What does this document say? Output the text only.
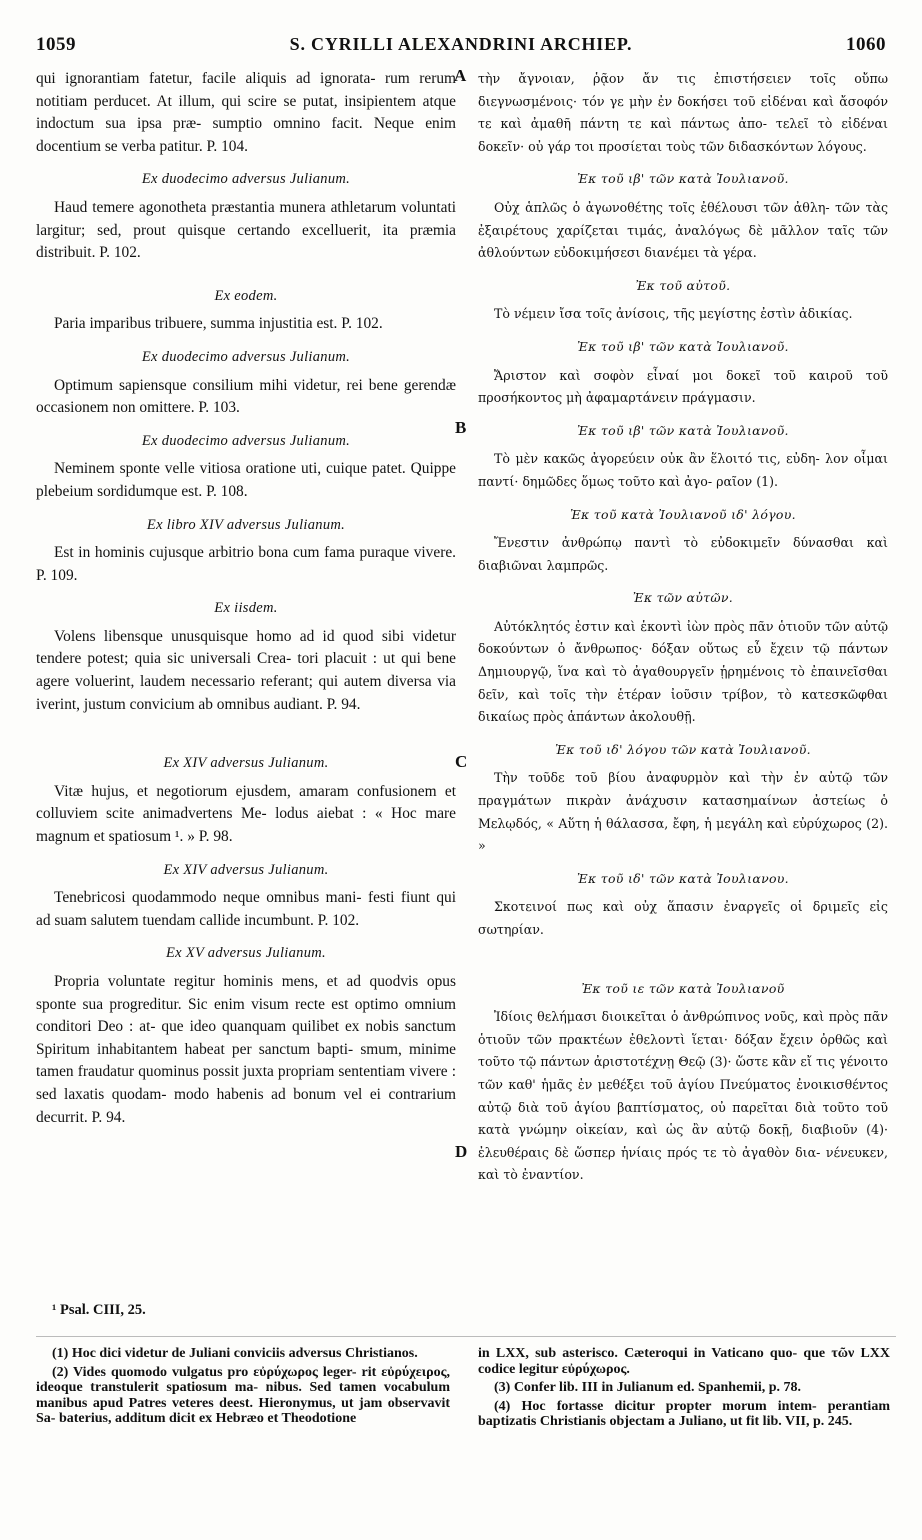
1059	S. CYRILLI ALEXANDRINI ARCHIEP.	1060
A
B
C
D

qui ignorantiam fatetur, facile aliquis ad ignorata- rum rerum notitiam perducet. At illum, qui scire se putat, insipientem atque indoctum sua ipsa præ- sumptio omnino facit. Neque enim docentium se verba patitur. P. 104.

Ex duodecimo adversus Julianum.

Haud temere agonotheta præstantia munera athletarum voluntati largitur; sed, prout quisque certando excelluerit, ita præmia distribuit. P. 102.

Ex eodem.

Paria imparibus tribuere, summa injustitia est. P. 102.

Ex duodecimo adversus Julianum.

Optimum sapiensque consilium mihi videtur, rei bene gerendæ occasionem non omittere. P. 103.

Ex duodecimo adversus Julianum.

Neminem sponte velle vitiosa oratione uti, cuique patet. Quippe plebeium sordidumque est. P. 108.

Ex libro XIV adversus Julianum.

Est in hominis cujusque arbitrio bona cum fama puraque vivere. P. 109.

Ex iisdem.

Volens libensque unusquisque homo ad id quod sibi videtur tendere potest; quia sic universali Crea- tori placuit : ut qui bene agere voluerint, laudem necessario referant; qui autem diversa via iverint, justum convicium ab omnibus audiant. P. 94.

Ex XIV adversus Julianum.

Vitæ hujus, et negotiorum ejusdem, amaram confusionem et colluviem scite animadvertens Me- lodus aiebat : « Hoc mare magnum et spatiosum ¹. » P. 98.

Ex XIV adversus Julianum.

Tenebricosi quodammodo neque omnibus mani- festi fiunt qui ad suam salutem tuendam callide incumbunt. P. 102.

Ex XV adversus Julianum.

Propria voluntate regitur hominis mens, et ad quodvis opus sponte sua progreditur. Sic enim visum recte est optimo omnium conditori Deo : at- que ideo quanquam quilibet ex nobis sanctum Spiritum inhabitantem habeat per sanctum bapti- smum, minime tamen fraudatur quominus possit juxta propriam sententiam vivere : sed laxatis quodam- modo habenis ad bonum vel ei contrarium decurrit. P. 94.

τὴν ἄγνοιαν, ῥᾷον ἄν τις ἐπιστήσειεν τοῖς οὔπω διεγνωσμένοις· τόν γε μὴν ἐν δοκήσει τοῦ εἰδέναι καὶ ἄσοφόν τε καὶ ἀμαθῆ πάντη τε καὶ πάντως ἀπο- τελεῖ τὸ εἰδέναι δοκεῖν· οὐ γάρ τοι προσίεται τοὺς τῶν διδασκόντων λόγους.

Ἐκ τοῦ ιβ' τῶν κατὰ Ἰουλιανοῦ.

Οὐχ ἁπλῶς ὁ ἀγωνοθέτης τοῖς ἐθέλουσι τῶν ἀθλη- τῶν τὰς ἐξαιρέτους χαρίζεται τιμάς, ἀναλόγως δὲ μᾶλλον ταῖς τῶν ἀθλούντων εὐδοκιμήσεσι διανέμει τὰ γέρα.

Ἐκ τοῦ αὐτοῦ.

Τὸ νέμειν ἴσα τοῖς ἀνίσοις, τῆς μεγίστης ἐστὶν ἀδικίας.

Ἐκ τοῦ ιβ' τῶν κατὰ Ἰουλιανοῦ.

Ἄριστον καὶ σοφὸν εἶναί μοι δοκεῖ τοῦ καιροῦ τοῦ προσήκοντος μὴ ἀφαμαρτάνειν πράγμασιν.

Ἐκ τοῦ ιβ' τῶν κατὰ Ἰουλιανοῦ.

Τὸ μὲν κακῶς ἀγορεύειν οὐκ ἂν ἕλοιτό τις, εὐδη- λον οἶμαι παντί· δημῶδες ὅμως τοῦτο καὶ ἀγο- ραῖον (1).

Ἐκ τοῦ κατὰ Ἰουλιανοῦ ιδ' λόγου.

Ἔνεστιν ἀνθρώπῳ παντὶ τὸ εὐδοκιμεῖν δύνασθαι καὶ διαβιῶναι λαμπρῶς.

Ἐκ τῶν αὐτῶν.

Αὐτόκλητός ἐστιν καὶ ἑκοντὶ ἰὼν πρὸς πᾶν ὁτιοῦν τῶν αὐτῷ δοκούντων ὁ ἄνθρωπος· δόξαν οὕτως εὖ ἔχειν τῷ πάντων Δημιουργῷ, ἵνα καὶ τὸ ἀγαθουργεῖν ᾑρημένοις τὸ ἐπαινεῖσθαι δεῖν, καὶ τοῖς τὴν ἑτέραν ἰοῦσιν τρίβον, τὸ κατεσκῶφθαι δικαίως πρὸς ἁπάντων ἀκολουθῇ.

Ἐκ τοῦ ιδ' λόγου τῶν κατὰ Ἰουλιανοῦ.

Τὴν τοῦδε τοῦ βίου ἀναφυρμὸν καὶ τὴν ἐν αὐτῷ τῶν πραγμάτων πικρὰν ἀνάχυσιν κατασημαίνων ἀστείως ὁ Μελῳδός, « Αὕτη ἡ θάλασσα, ἔφη, ἡ μεγάλη καὶ εὐρύχωρος (2). »

Ἐκ τοῦ ιδ' τῶν κατὰ Ἰουλιανου.

Σκοτεινοί πως καὶ οὐχ ἅπασιν ἐναργεῖς οἱ δριμεῖς εἰς σωτηρίαν.

Ἐκ τοῦ ιε τῶν κατὰ Ἰουλιανοῦ

Ἰδίοις θελήμασι διοικεῖται ὁ ἀνθρώπινος νοῦς, καὶ πρὸς πᾶν ὁτιοῦν τῶν πρακτέων ἐθελοντὶ ἵεται· δόξαν ἔχειν ὀρθῶς καὶ τοῦτο τῷ πάντων ἀριστοτέχνῃ Θεῷ (3)· ὥστε κἂν εἴ τις γένοιτο τῶν καθ' ἡμᾶς ἐν μεθέξει τοῦ ἁγίου Πνεύματος ἐνοικισθέντος αὐτῷ διὰ τοῦ ἁγίου βαπτίσματος, οὐ παρεῖται διὰ τοῦτο τοῦ κατὰ γνώμην οἰκείαν, καὶ ὡς ἂν αὐτῷ δοκῇ, διαβιοῦν (4)· ἐλευθέραις δὲ ὥσπερ ἡνίαις πρός τε τὸ ἀγαθὸν δια- νένευκεν, καὶ τὸ ἐναντίον.

¹ Psal. CIII, 25.

(1) Hoc dici videtur de Juliani conviciis adversus Christianos.

(2) Vides quomodo vulgatus pro εὐρύχωρος leger- rit εὐρύχειρος, ideoque transtulerit spatiosum ma- nibus. Sed tamen vocabulum manibus apud Patres veteres deest. Hieronymus, ut jam observavit Sa- baterius, additum dicit ex Hebræo et Theodotione

in LXX, sub asterisco. Cæteroqui in Vaticano quo- que τῶν LXX codice legitur εὐρύχωρος.

(3) Confer lib. III in Julianum ed. Spanhemii, p. 78.

(4) Hoc fortasse dicitur propter morum intem- perantiam baptizatis Christianis objectam a Juliano, ut fit lib. VII, p. 245.
